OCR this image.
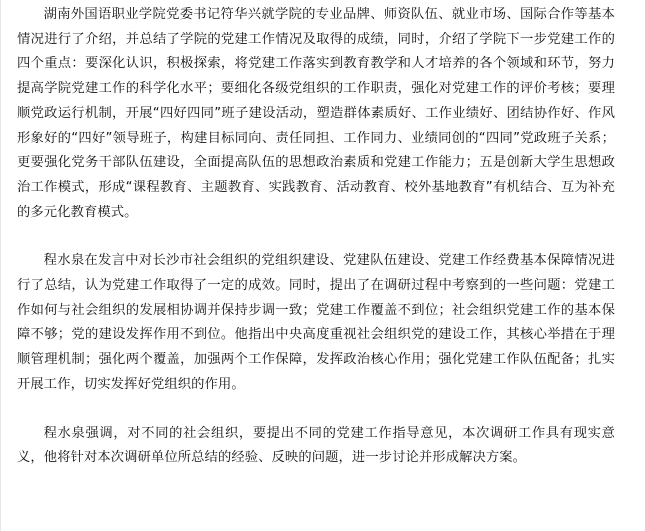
湖南外国语职业学院党委书记符华兴就学院的专业品牌、师资队伍、就业市场、国际合作等基本情况进行了介绍，并总结了学院的党建工作情况及取得的成绩，同时，介绍了学院下一步党建工作的四个重点：要深化认识，积极探索，将党建工作落实到教育教学和人才培养的各个领域和环节，努力提高学院党建工作的科学化水平；要细化各级党组织的工作职责，强化对党建工作的评价考核；要理顺党政运行机制，开展“四好四同”班子建设活动，塑造群体素质好、工作业绩好、团结协作好、作风形象好的“四好”领导班子，构建目标同向、责任同担、工作同力、业绩同创的“四同”党政班子关系；更要强化党务干部队伍建设，全面提高队伍的思想政治素质和党建工作能力；五是创新大学生思想政治工作模式，形成“课程教育、主题教育、实践教育、活动教育、校外基地教育”有机结合、互为补充的多元化教育模式。

程水泉在发言中对长沙市社会组织的党组织建设、党建队伍建设、党建工作经费基本保障情况进行了总结，认为党建工作取得了一定的成效。同时，提出了在调研过程中考察到的一些问题：党建工作如何与社会组织的发展相协调并保持步调一致；党建工作覆盖不到位；社会组织党建工作的基本保障不够；党的建设发挥作用不到位。他指出中央高度重视社会组织党的建设工作，其核心举措在于理顺管理机制；强化两个覆盖，加强两个工作保障，发挥政治核心作用；强化党建工作队伍配备；扎实开展工作，切实发挥好党组织的作用。

程水泉强调，对不同的社会组织，要提出不同的党建工作指导意见，本次调研工作具有现实意义，他将针对本次调研单位所总结的经验、反映的问题，进一步讨论并形成解决方案。
